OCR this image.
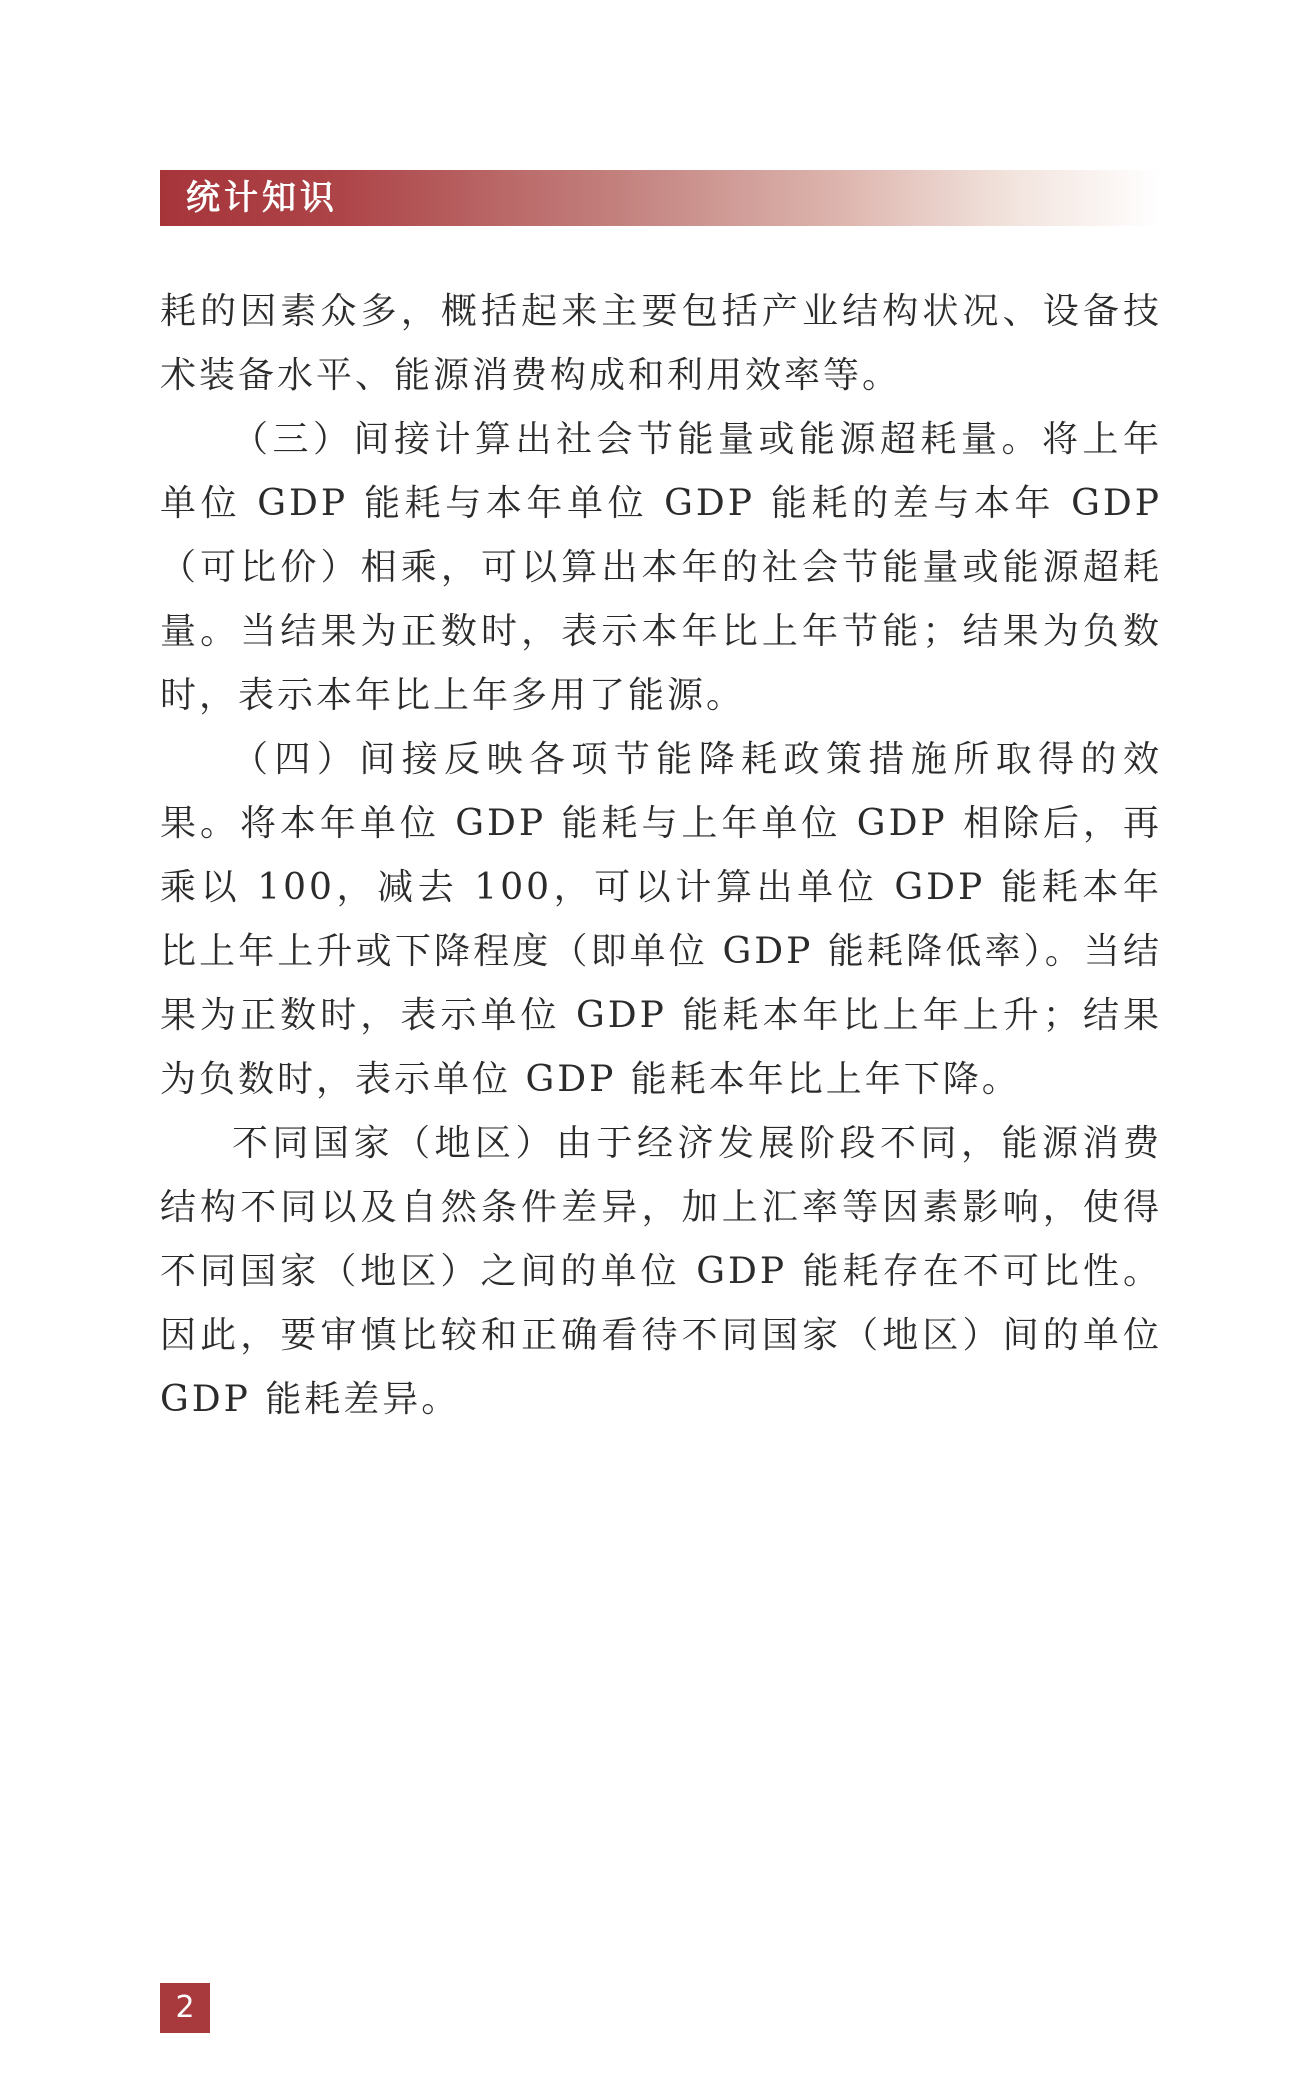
统计知识

耗的因素众多，概括起来主要包括产业结构状况、设备技术装备水平、能源消费构成和利用效率等。

（三）间接计算出社会节能量或能源超耗量。将上年单位 GDP 能耗与本年单位 GDP 能耗的差与本年 GDP（可比价）相乘，可以算出本年的社会节能量或能源超耗量。当结果为正数时，表示本年比上年节能；结果为负数时，表示本年比上年多用了能源。

（四）间接反映各项节能降耗政策措施所取得的效果。将本年单位 GDP 能耗与上年单位 GDP 相除后，再乘以 100，减去 100，可以计算出单位 GDP 能耗本年比上年上升或下降程度（即单位 GDP 能耗降低率）。当结果为正数时，表示单位 GDP 能耗本年比上年上升；结果为负数时，表示单位 GDP 能耗本年比上年下降。

不同国家（地区）由于经济发展阶段不同，能源消费结构不同以及自然条件差异，加上汇率等因素影响，使得不同国家（地区）之间的单位 GDP 能耗存在不可比性。因此，要审慎比较和正确看待不同国家（地区）间的单位 GDP 能耗差异。

2
